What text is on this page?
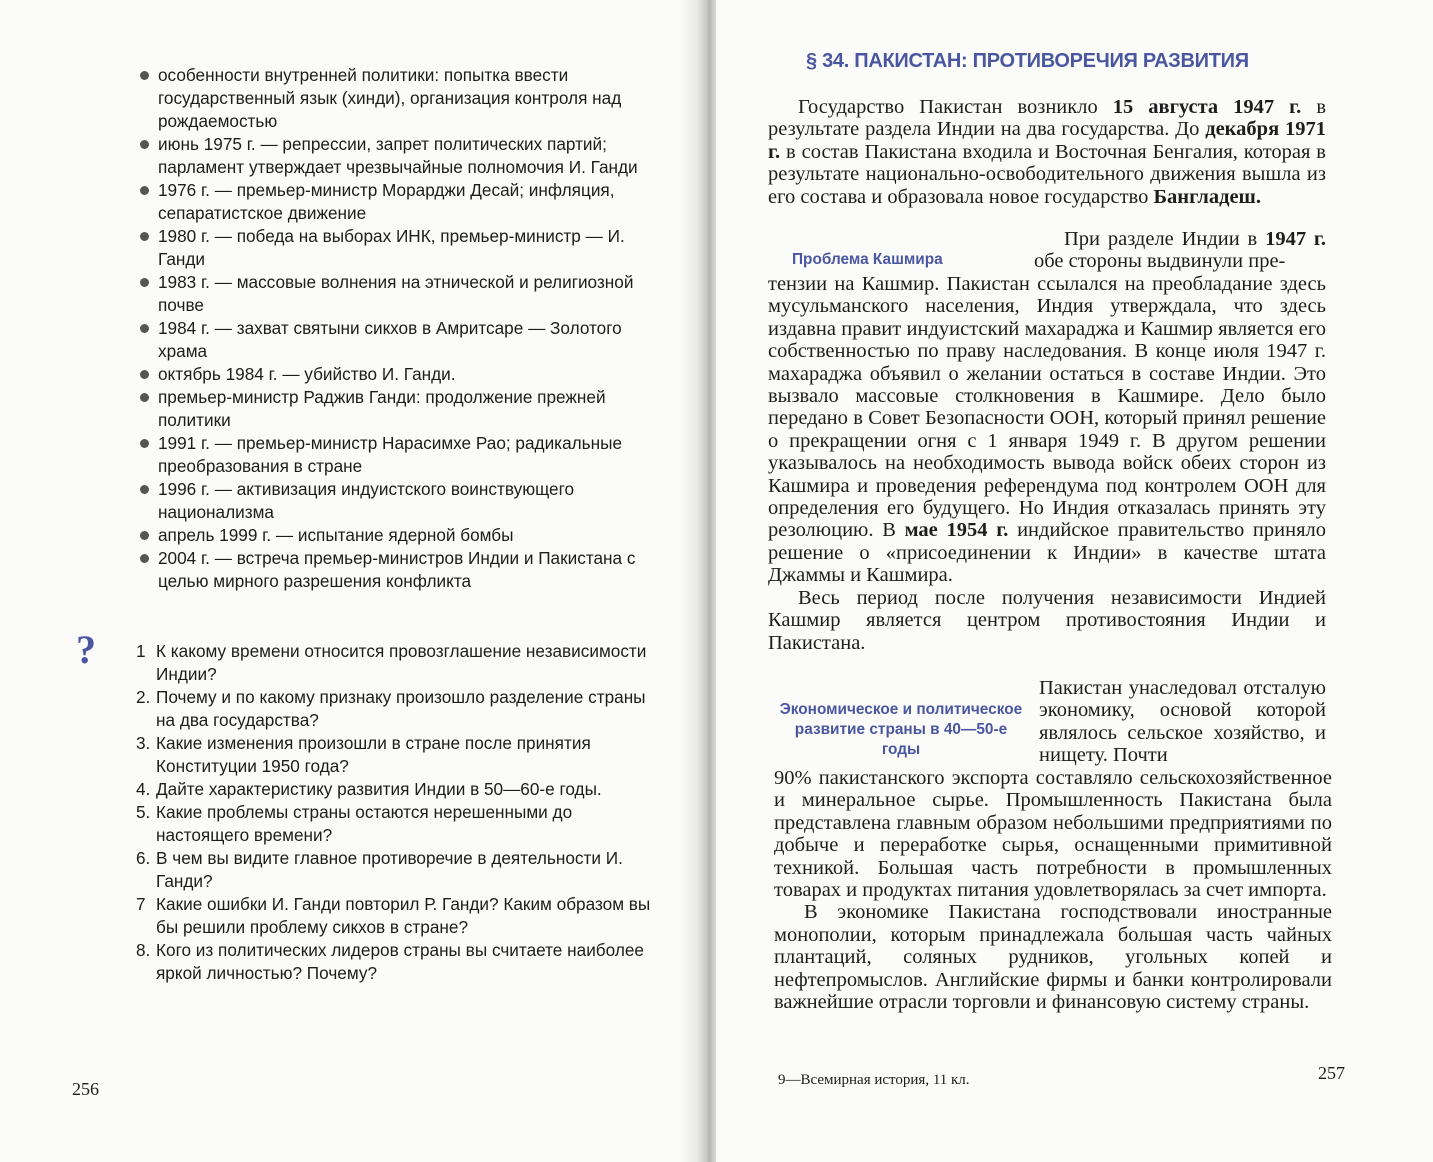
особенности внутренней политики: попытка ввести государственный язык (хинди), организация контроля над рождаемостью
июнь 1975 г. — репрессии, запрет политических партий; парламент утверждает чрезвычайные полномочия И. Ганди
1976 г. — премьер-министр Морарджи Десай; инфляция, сепаратистское движение
1980 г. — победа на выборах ИНК, премьер-министр — И. Ганди
1983 г. — массовые волнения на этнической и религиозной почве
1984 г. — захват святыни сикхов в Амритсаре — Золотого храма
октябрь 1984 г. — убийство И. Ганди.
премьер-министр Раджив Ганди: продолжение прежней политики
1991 г. — премьер-министр Нарасимхе Рао; радикальные преобразования в стране
1996 г. — активизация индуистского воинствующего национализма
апрель 1999 г. — испытание ядерной бомбы
2004 г. — встреча премьер-министров Индии и Пакистана с целью мирного разрешения конфликта
? 1 К какому времени относится провозглашение независимости Индии?
2. Почему и по какому признаку произошло разделение страны на два государства?
3. Какие изменения произошли в стране после принятия Конституции 1950 года?
4. Дайте характеристику развития Индии в 50—60-е годы.
5. Какие проблемы страны остаются нерешенными до настоящего времени?
6. В чем вы видите главное противоречие в деятельности И. Ганди?
7 Какие ошибки И. Ганди повторил Р. Ганди? Каким образом вы бы решили проблему сикхов в стране?
8. Кого из политических лидеров страны вы считаете наиболее яркой личностью? Почему?
256
§ 34. ПАКИСТАН: ПРОТИВОРЕЧИЯ РАЗВИТИЯ

Государство Пакистан возникло 15 августа 1947 г. в результате раздела Индии на два государства. До декабря 1971 г. в состав Пакистана входила и Восточная Бенгалия, которая в результате национально-освободительного движения вышла из его состава и образовала новое государство Бангладеш.

Проблема Кашмира

При разделе Индии в 1947 г. обе стороны выдвинули пре-

тензии на Кашмир. Пакистан ссылался на преобладание здесь мусульманского населения, Индия утверждала, что здесь издавна правит индуистский махараджа и Кашмир является его собственностью по праву наследования. В конце июля 1947 г. махараджа объявил о желании остаться в составе Индии. Это вызвало массовые столкновения в Кашмире. Дело было передано в Совет Безопасности ООН, который принял решение о прекращении огня с 1 января 1949 г. В другом решении указывалось на необходимость вывода войск обеих сторон из Кашмира и проведения референдума под контролем ООН для определения его будущего. Но Индия отказалась принять эту резолюцию. В мае 1954 г. индийское правительство приняло решение о «присоединении к Индии» в качестве штата Джаммы и Кашмира.

Весь период после получения независимости Индией Кашмир является центром противостояния Индии и Пакистана.

Экономическое и политическое развитие страны в 40—50-е годы

Пакистан унаследовал отсталую экономику, основой которой являлось сельское хозяйство, и нищету. Почти

90% пакистанского экспорта составляло сельскохозяйственное и минеральное сырье. Промышленность Пакистана была представлена главным образом небольшими предприятиями по добыче и переработке сырья, оснащенными примитивной техникой. Большая часть потребности в промышленных товарах и продуктах питания удовлетворялась за счет импорта.

В экономике Пакистана господствовали иностранные монополии, которым принадлежала большая часть чайных плантаций, соляных рудников, угольных копей и нефтепромыслов. Английские фирмы и банки контролировали важнейшие отрасли торговли и финансовую систему страны.

9—Всемирная история, 11 кл.	257
